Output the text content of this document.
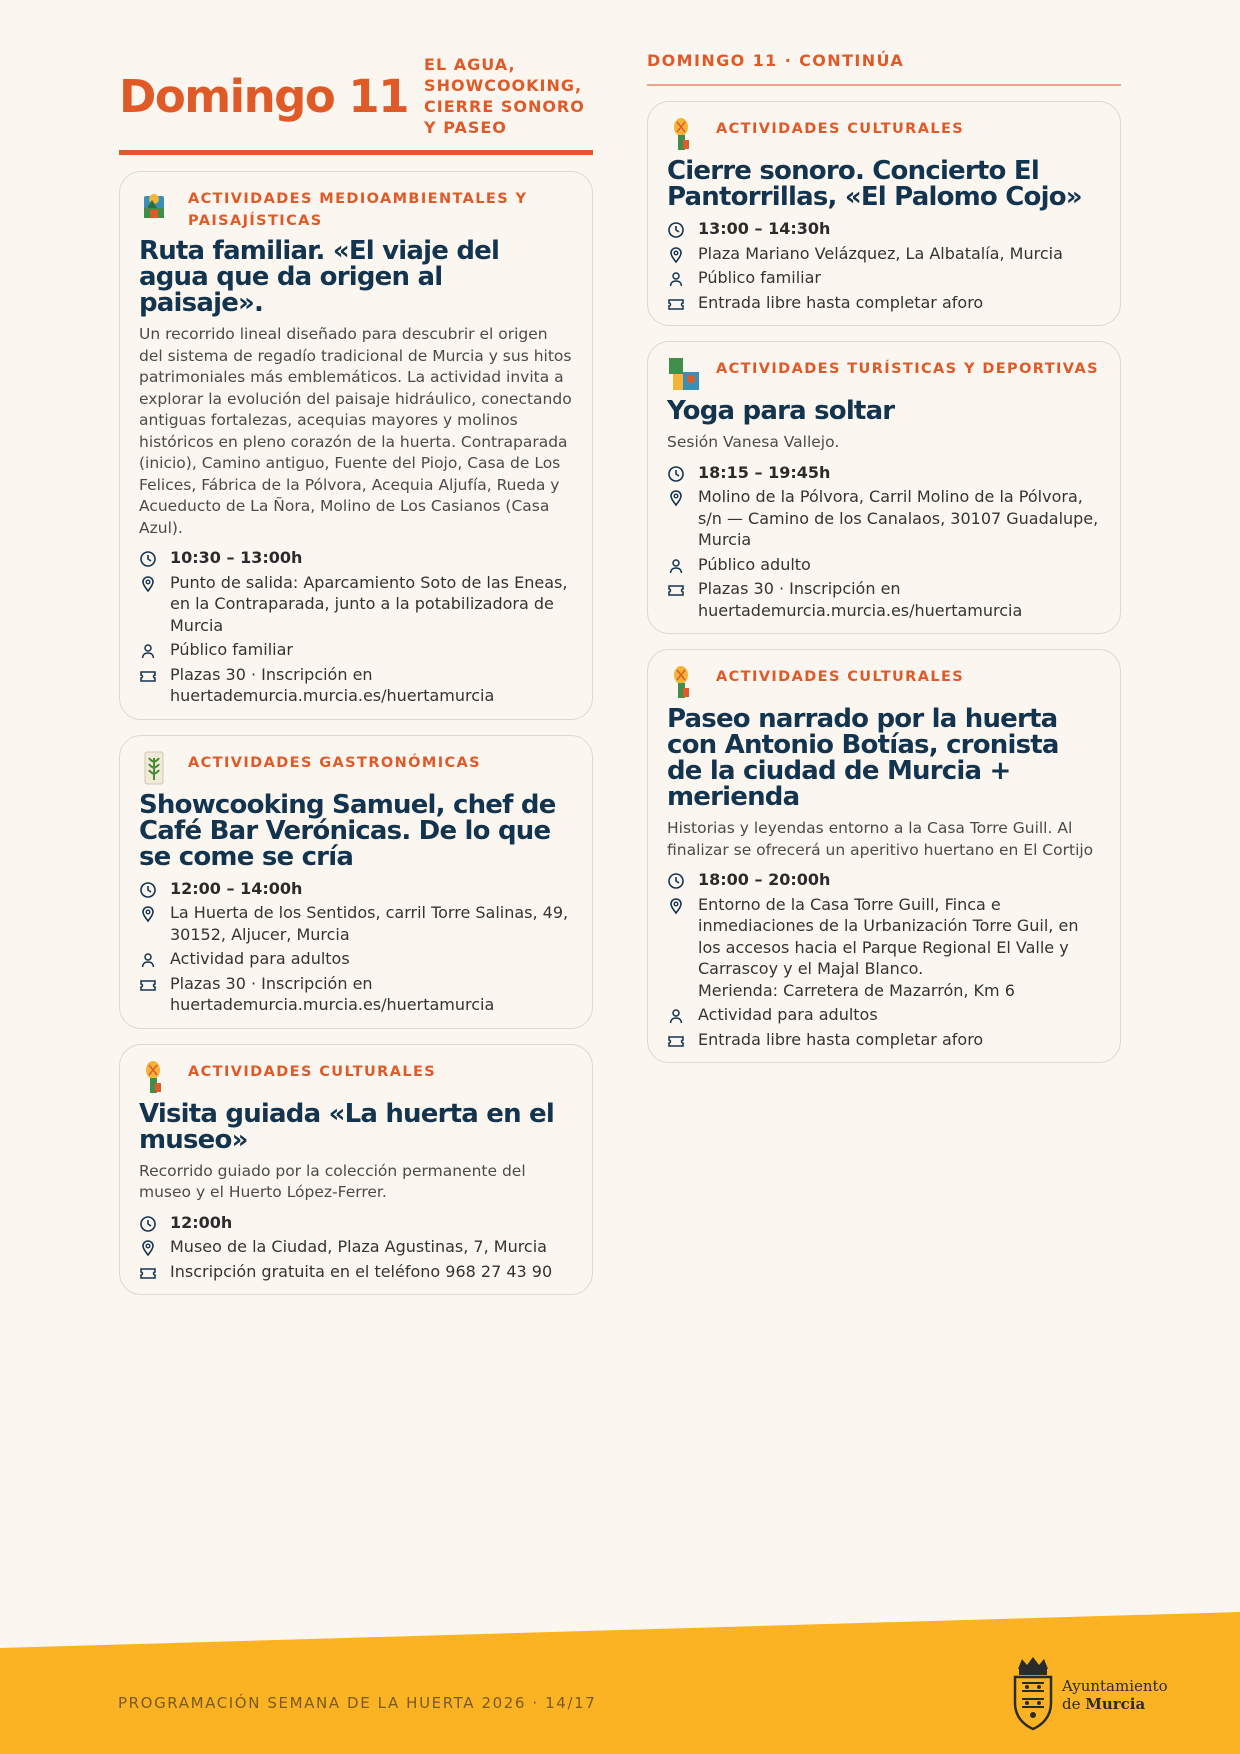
Domingo 11
EL AGUA, SHOWCOOKING, CIERRE SONORO Y PASEO
ACTIVIDADES MEDIOAMBIENTALES Y PAISAJÍSTICAS
Ruta familiar. «El viaje del agua que da origen al paisaje».
Un recorrido lineal diseñado para descubrir el origen del sistema de regadío tradicional de Murcia y sus hitos patrimoniales más emblemáticos. La actividad invita a explorar la evolución del paisaje hidráulico, conectando antiguas fortalezas, acequias mayores y molinos históricos en pleno corazón de la huerta. Contraparada (inicio), Camino antiguo, Fuente del Piojo, Casa de Los Felices, Fábrica de la Pólvora, Acequia Aljufía, Rueda y Acueducto de La Ñora, Molino de Los Casianos (Casa Azul).
10:30 – 13:00h
Punto de salida: Aparcamiento Soto de las Eneas, en la Contraparada, junto a la potabilizadora de Murcia
Público familiar
Plazas 30 · Inscripción en huertademurcia.murcia.es/huertamurcia
ACTIVIDADES GASTRONÓMICAS
Showcooking Samuel, chef de Café Bar Verónicas. De lo que se come se cría
12:00 – 14:00h
La Huerta de los Sentidos, carril Torre Salinas, 49, 30152, Aljucer, Murcia
Actividad para adultos
Plazas 30 · Inscripción en huertademurcia.murcia.es/huertamurcia
ACTIVIDADES CULTURALES
Visita guiada «La huerta en el museo»
Recorrido guiado por la colección permanente del museo y el Huerto López-Ferrer.
12:00h
Museo de la Ciudad, Plaza Agustinas, 7, Murcia
Inscripción gratuita en el teléfono 968 27 43 90
DOMINGO 11 · CONTINÚA
ACTIVIDADES CULTURALES
Cierre sonoro. Concierto El Pantorrillas, «El Palomo Cojo»
13:00 – 14:30h
Plaza Mariano Velázquez, La Albatalía, Murcia
Público familiar
Entrada libre hasta completar aforo
ACTIVIDADES TURÍSTICAS Y DEPORTIVAS
Yoga para soltar
Sesión Vanesa Vallejo.
18:15 – 19:45h
Molino de la Pólvora, Carril Molino de la Pólvora, s/n — Camino de los Canalaos, 30107 Guadalupe, Murcia
Público adulto
Plazas 30 · Inscripción en huertademurcia.murcia.es/huertamurcia
ACTIVIDADES CULTURALES
Paseo narrado por la huerta con Antonio Botías, cronista de la ciudad de Murcia + merienda
Historias y leyendas entorno a la Casa Torre Guill. Al finalizar se ofrecerá un aperitivo huertano en El Cortijo
18:00 – 20:00h
Entorno de la Casa Torre Guill, Finca e inmediaciones de la Urbanización Torre Guil, en los accesos hacia el Parque Regional El Valle y Carrascoy y el Majal Blanco.
Merienda: Carretera de Mazarrón, Km 6
Actividad para adultos
Entrada libre hasta completar aforo
PROGRAMACIÓN SEMANA DE LA HUERTA 2026 · 14/17
Ayuntamiento
de Murcia
